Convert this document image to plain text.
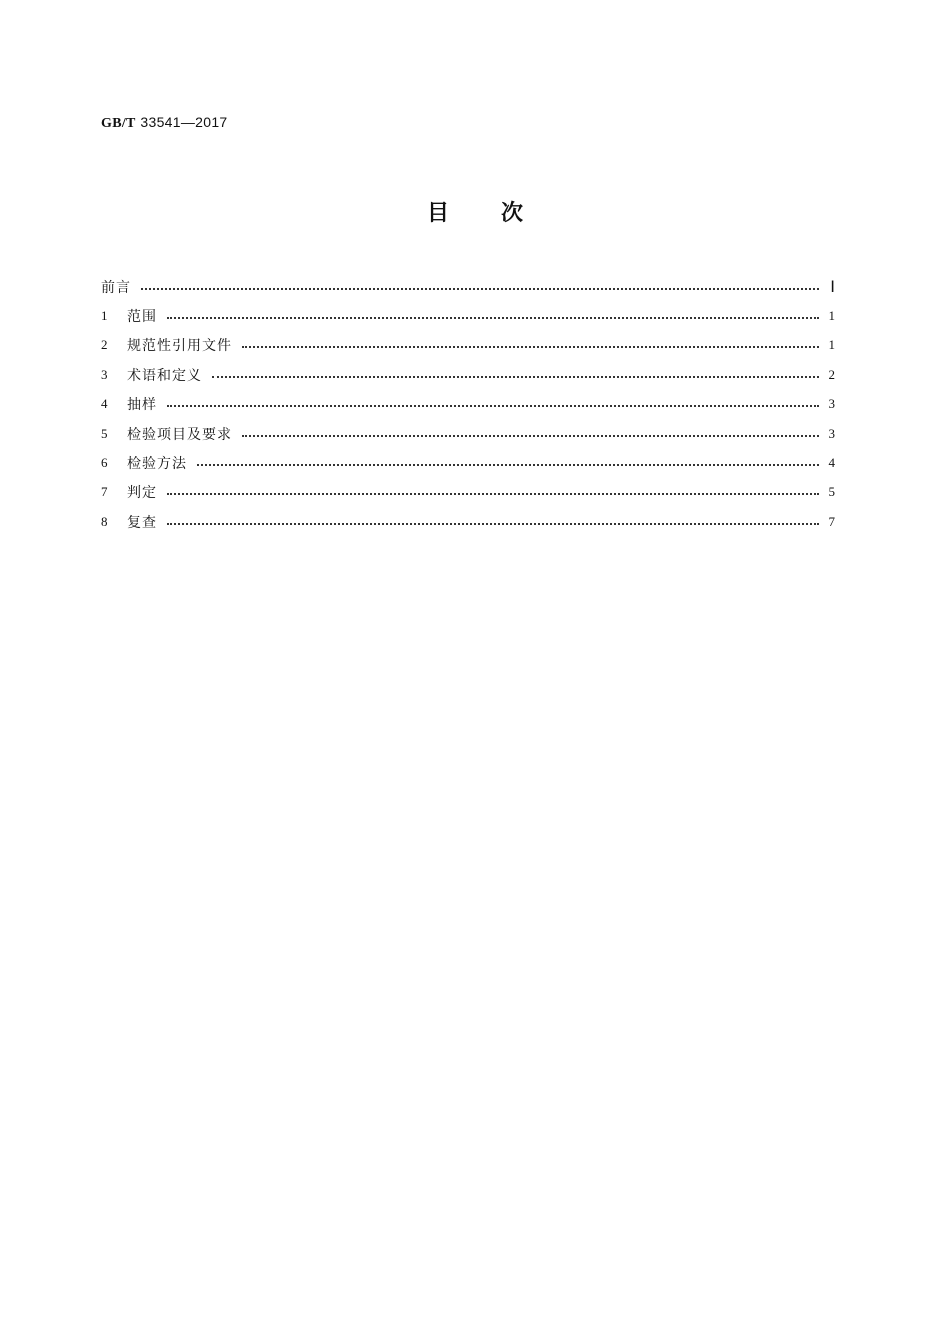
GB/T 33541—2017
目 次
前言	Ⅰ
1	范围	1
2	规范性引用文件	1
3	术语和定义	2
4	抽样	3
5	检验项目及要求	3
6	检验方法	4
7	判定	5
8	复查	7
